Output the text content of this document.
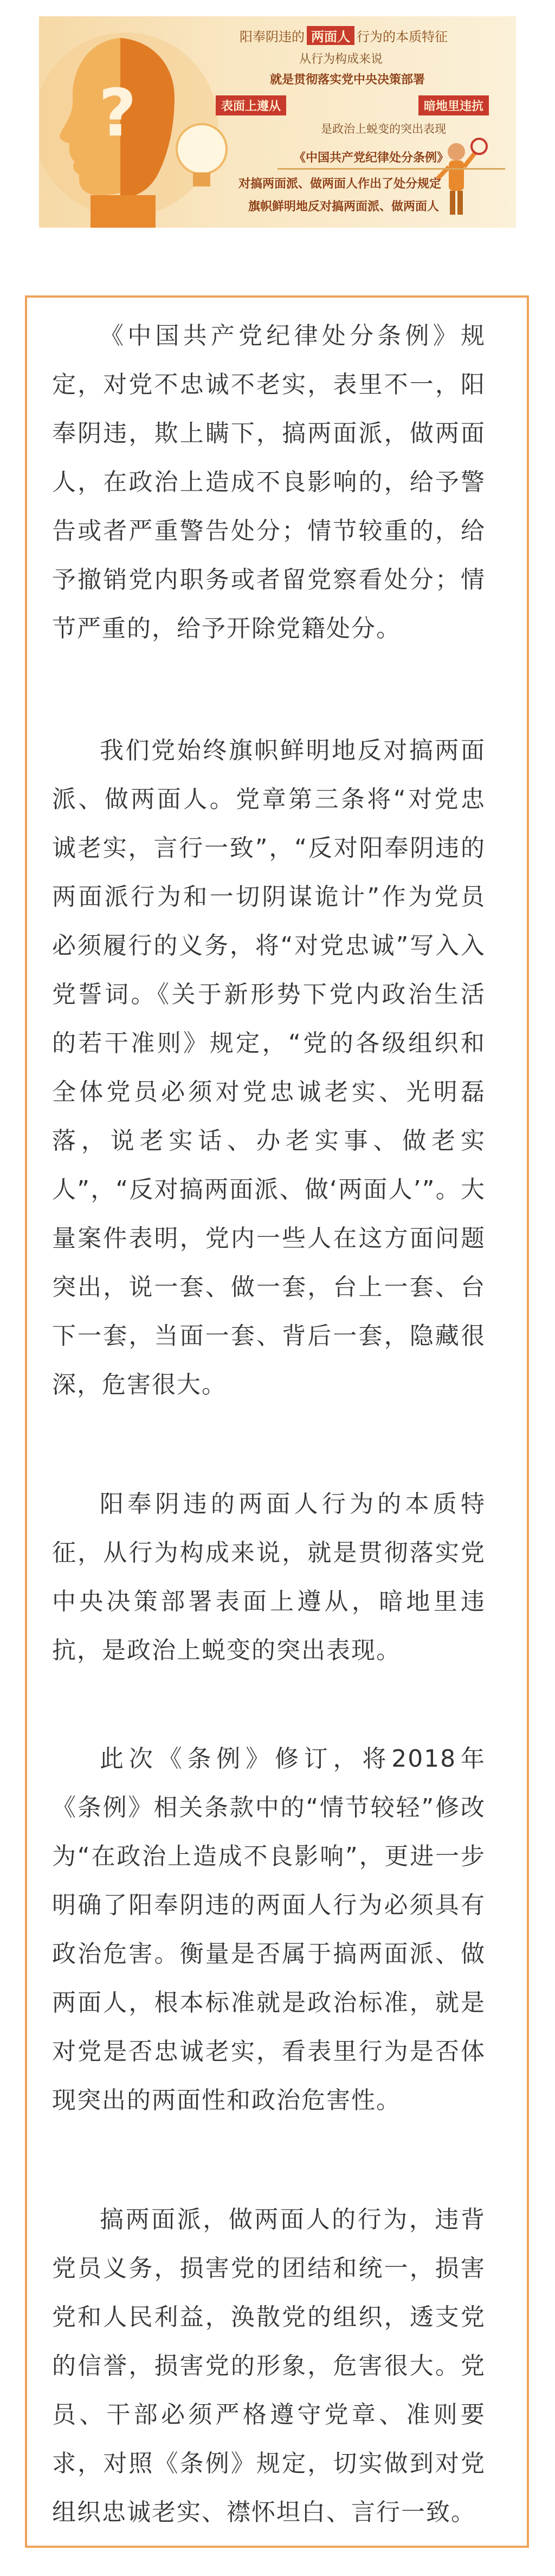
?
阳奉阴违的 两面人 行为的本质特征
从行为构成来说
就是贯彻落实党中央决策部署
表面上遵从	暗地里违抗
是政治上蜕变的突出表现
《中国共产党纪律处分条例》
对搞两面派、做两面人作出了处分规定
旗帜鲜明地反对搞两面派、做两面人

《中国共产党纪律处分条例》规定，对党不忠诚不老实，表里不一，阳奉阴违，欺上瞒下，搞两面派，做两面人，在政治上造成不良影响的，给予警告或者严重警告处分；情节较重的，给予撤销党内职务或者留党察看处分；情节严重的，给予开除党籍处分。

我们党始终旗帜鲜明地反对搞两面派、做两面人。党章第三条将“对党忠诚老实，言行一致”，“反对阳奉阴违的两面派行为和一切阴谋诡计”作为党员必须履行的义务，将“对党忠诚”写入入党誓词。《关于新形势下党内政治生活的若干准则》规定，“党的各级组织和全体党员必须对党忠诚老实、光明磊落，说老实话、办老实事、做老实人”，“反对搞两面派、做‘两面人’”。大量案件表明，党内一些人在这方面问题突出，说一套、做一套，台上一套、台下一套，当面一套、背后一套，隐藏很深，危害很大。

阳奉阴违的两面人行为的本质特征，从行为构成来说，就是贯彻落实党中央决策部署表面上遵从，暗地里违抗，是政治上蜕变的突出表现。

此次《条例》修订，将2018年《条例》相关条款中的“情节较轻”修改为“在政治上造成不良影响”，更进一步明确了阳奉阴违的两面人行为必须具有政治危害。衡量是否属于搞两面派、做两面人，根本标准就是政治标准，就是对党是否忠诚老实，看表里行为是否体现突出的两面性和政治危害性。

搞两面派，做两面人的行为，违背党员义务，损害党的团结和统一，损害党和人民利益，涣散党的组织，透支党的信誉，损害党的形象，危害很大。党员、干部必须严格遵守党章、准则要求，对照《条例》规定，切实做到对党组织忠诚老实、襟怀坦白、言行一致。
